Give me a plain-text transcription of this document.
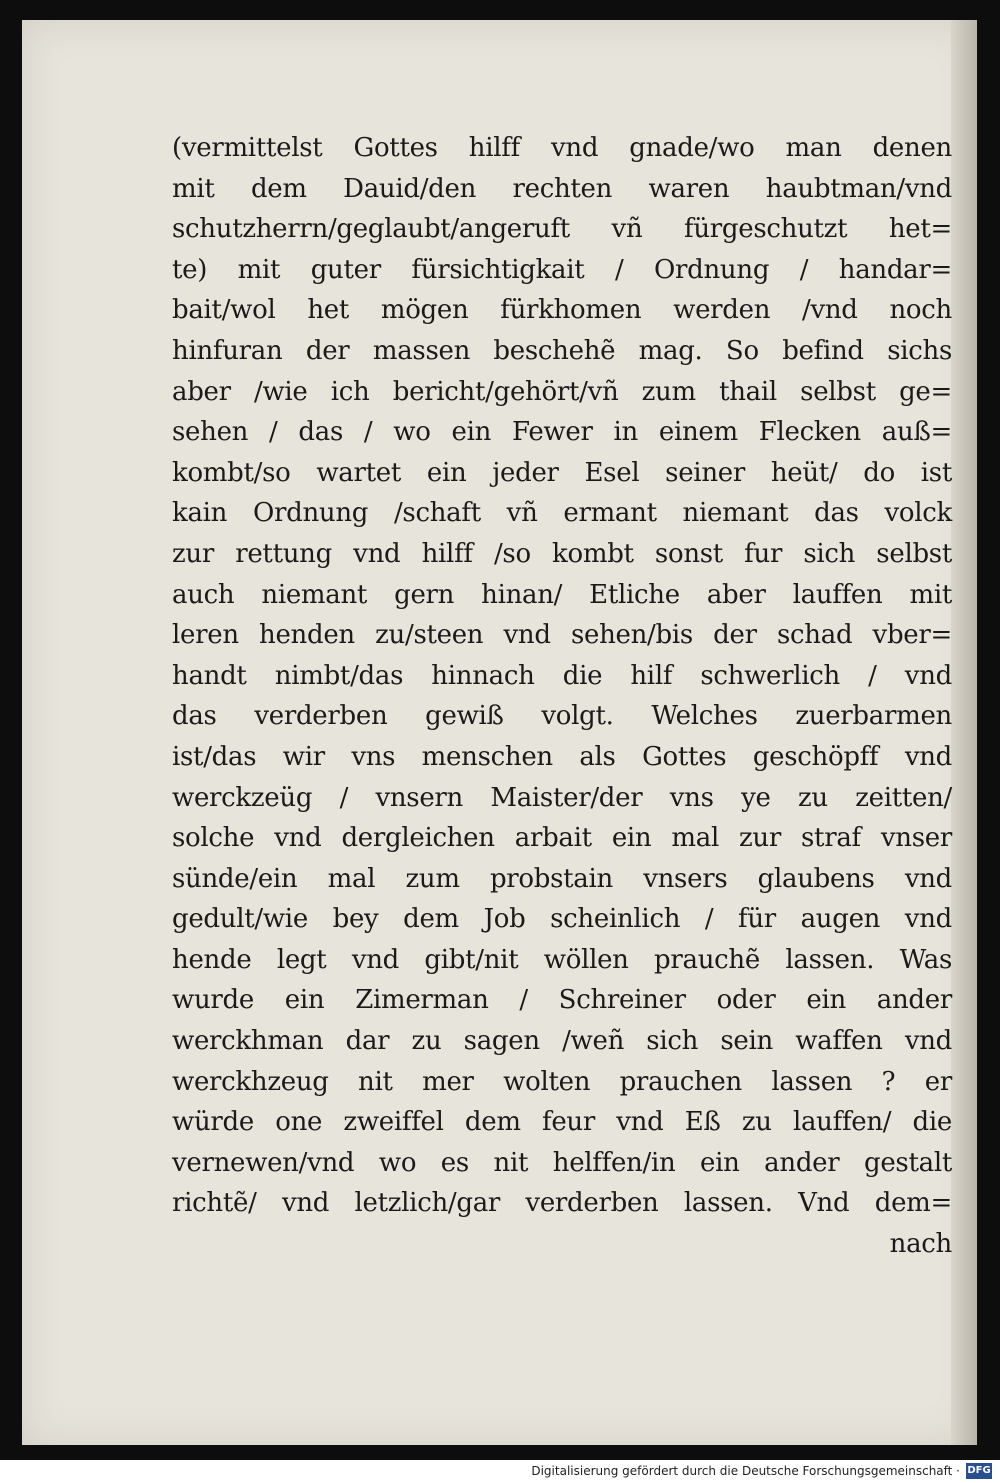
(vermittelst Gottes hilff vnd gnade/wo man denen
mit dem Dauid/den rechten waren haubtman/vnd
schutzherrn/geglaubt/angeruft vñ fürgeschutzt het=
te) mit guter fürsichtigkait / Ordnung / handar=
bait/wol het mögen fürkhomen werden /vnd noch
hinfuran der massen beschehẽ mag. So befind sichs
aber /wie ich bericht/gehört/vñ zum thail selbst ge=
sehen / das / wo ein Fewer in einem Flecken auß=
kombt/so wartet ein jeder Esel seiner heüt/ do ist
kain Ordnung /schaft vñ ermant niemant das volck
zur rettung vnd hilff /so kombt sonst fur sich selbst
auch niemant gern hinan/ Etliche aber lauffen mit
leren henden zu/steen vnd sehen/bis der schad vber=
handt nimbt/das hinnach die hilf schwerlich / vnd
das verderben gewiß volgt. Welches zuerbarmen
ist/das wir vns menschen als Gottes geschöpff vnd
werckzeüg / vnsern Maister/der vns ye zu zeitten/
solche vnd dergleichen arbait ein mal zur straf vnser
sünde/ein mal zum probstain vnsers glaubens vnd
gedult/wie bey dem Job scheinlich / für augen vnd
hende legt vnd gibt/nit wöllen prauchẽ lassen. Was
wurde ein Zimerman / Schreiner oder ein ander
werckhman dar zu sagen /weñ sich sein waffen vnd
werckhzeug nit mer wolten prauchen lassen ? er
würde one zweiffel dem feur vnd Eß zu lauffen/ die
vernewen/vnd wo es nit helffen/in ein ander gestalt
richtẽ/ vnd letzlich/gar verderben lassen. Vnd dem=
nach
Digitalisierung gefördert durch die Deutsche Forschungsgemeinschaft · DFG
